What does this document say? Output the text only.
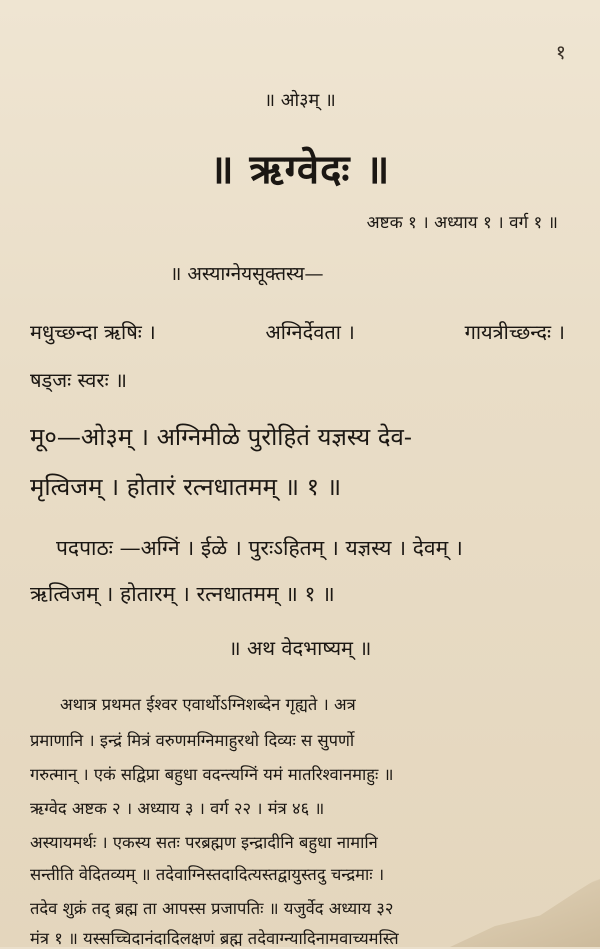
१
॥ ओ३म् ॥
॥ ऋग्वेदः ॥
अष्टक १ । अध्याय १ । वर्ग १ ॥
॥ अस्याग्नेयसूक्तस्य—
मधुच्छन्दा ऋषिः ।	अग्निर्देवता ।	गायत्रीच्छन्दः ।
षड्जः स्वरः ॥
मू०—ओ३म् । अग्निमीळे पुरोहितं यज्ञस्य देव-
मृत्विजम् । होतारं रत्नधातमम् ॥ १ ॥
पदपाठः —अग्निं । ईळे । पुरःऽहितम् । यज्ञस्य । देवम् ।
ऋत्विजम् । होतारम् । रत्नधातमम् ॥ १ ॥
॥ अथ वेदभाष्यम् ॥
अथात्र प्रथमत ईश्वर एवार्थोऽग्निशब्देन गृह्यते । अत्र
प्रमाणानि । इन्द्रं मित्रं वरुणमग्निमाहुरथो दिव्यः स सुपर्णो
गरुत्मान् । एकं सद्विप्रा बहुधा वदन्त्यग्निं यमं मातरिश्वानमाहुः ॥
ऋग्वेद अष्टक २ । अध्याय ३ । वर्ग २२ । मंत्र ४६ ॥
अस्यायमर्थः । एकस्य सतः परब्रह्मण इन्द्रादीनि बहुधा नामानि
सन्तीति वेदितव्यम् ॥ तदेवाग्निस्तदादित्यस्तद्वायुस्तदु चन्द्रमाः ।
तदेव शुक्रं तद् ब्रह्म ता आपस्स प्रजापतिः ॥ यजुर्वेद अध्याय ३२
मंत्र १ ॥ यस्सच्चिदानंदादिलक्षणं ब्रह्म तदेवाग्न्यादिनामवाच्यमस्ति
